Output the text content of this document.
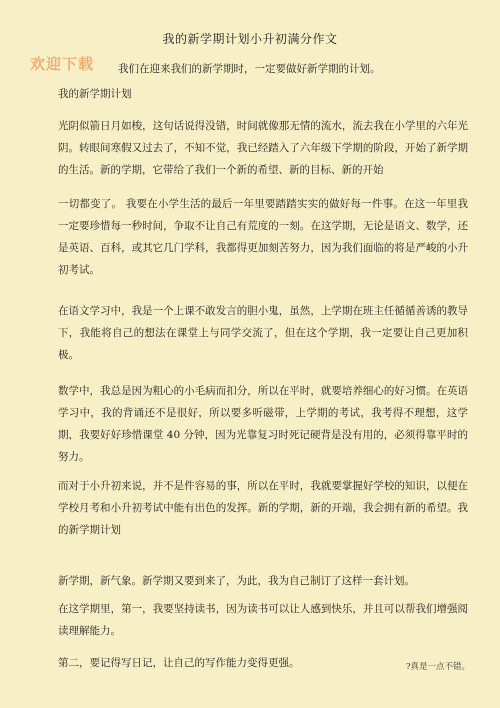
我的新学期计划小升初满分作文
欢迎下载 我们在迎来我们的新学期时，一定要做好新学期的计划。
我的新学期计划

光阴似箭日月如梭，这句话说得没错，时间就像那无情的流水，流去我在小学里的六年光阴。转眼间寒假又过去了，不知不觉，我已经踏入了六年级下学期的阶段，开始了新学期的生活。新的学期，它带给了我们一个新的希望、新的目标、新的开始

一切都变了。 我要在小学生活的最后一年里要踏踏实实的做好每一件事。在这一年里我一定要珍惜每一秒时间，争取不让自己有荒度的一刻。在这学期，无论是语文、数学，还是英语、百科，或其它几门学科，我都得更加刻苦努力，因为我们面临的将是严峻的小升初考试。

在语文学习中，我是一个上课不敢发言的胆小鬼，虽然，上学期在班主任循循善诱的教导下，我能将自己的想法在课堂上与同学交流了，但在这个学期，我一定要让自己更加积极。

数学中，我总是因为粗心的小毛病而扣分，所以在平时，就要培养细心的好习惯。在英语学习中，我的背诵还不是很好，所以要多听磁带，上学期的考试，我考得不理想，这学期，我要好好珍惜课堂 40 分钟，因为光靠复习时死记硬背是没有用的，必须得靠平时的努力。

而对于小升初来说，并不是件容易的事，所以在平时，我就要掌握好学校的知识，以便在学校月考和小升初考试中能有出色的发挥。新的学期，新的开端，我会拥有新的希望。我的新学期计划

新学期，新气象。新学期又要到来了，为此，我为自己制订了这样一套计划。

在这学期里，第一，我要坚持读书，因为读书可以让人感到快乐，并且可以帮我们增强阅读理解能力。

第二，要记得写日记，让自己的写作能力变得更强。	?真是一点不错。
